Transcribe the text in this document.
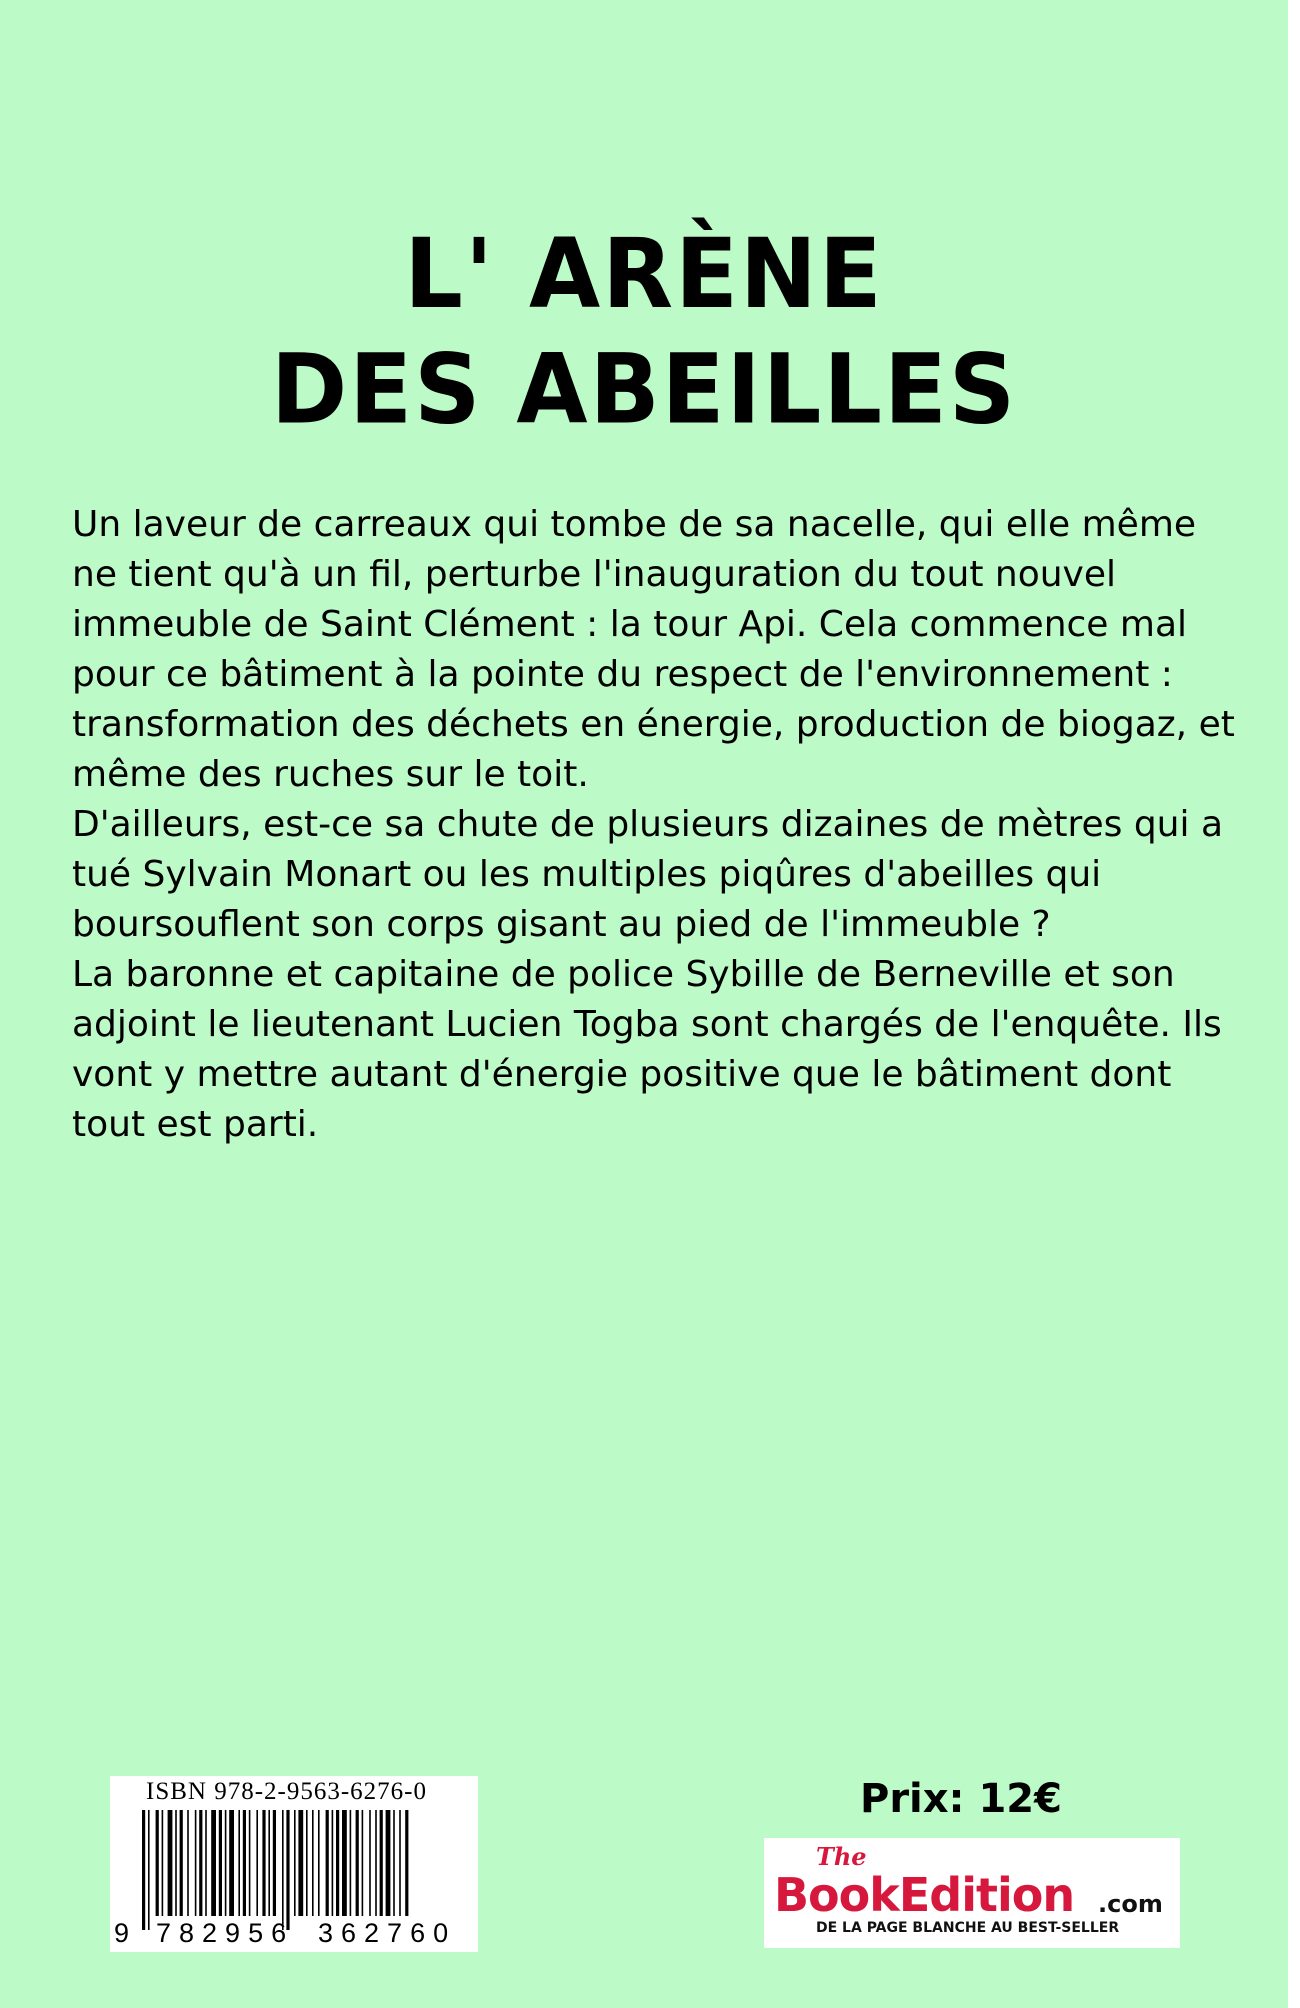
L' ARÈNE
DES ABEILLES

Un laveur de carreaux qui tombe de sa nacelle, qui elle même ne tient qu'à un fil, perturbe l'inauguration du tout nouvel immeuble de Saint Clément : la tour Api. Cela commence mal pour ce bâtiment à la pointe du respect de l'environnement : transformation des déchets en énergie, production de biogaz, et même des ruches sur le toit.

D'ailleurs, est-ce sa chute de plusieurs dizaines de mètres qui a tué Sylvain Monart ou les multiples piqûres d'abeilles qui boursouflent son corps gisant au pied de l'immeuble ?

La baronne et capitaine de police Sybille de Berneville et son adjoint le lieutenant Lucien Togba sont chargés de l'enquête. Ils vont y mettre autant d'énergie positive que le bâtiment dont tout est parti.

ISBN 978-2-9563-6276-0
9 782956 362760
Prix: 12€
The
BookEdition .com
DE LA PAGE BLANCHE AU BEST-SELLER
